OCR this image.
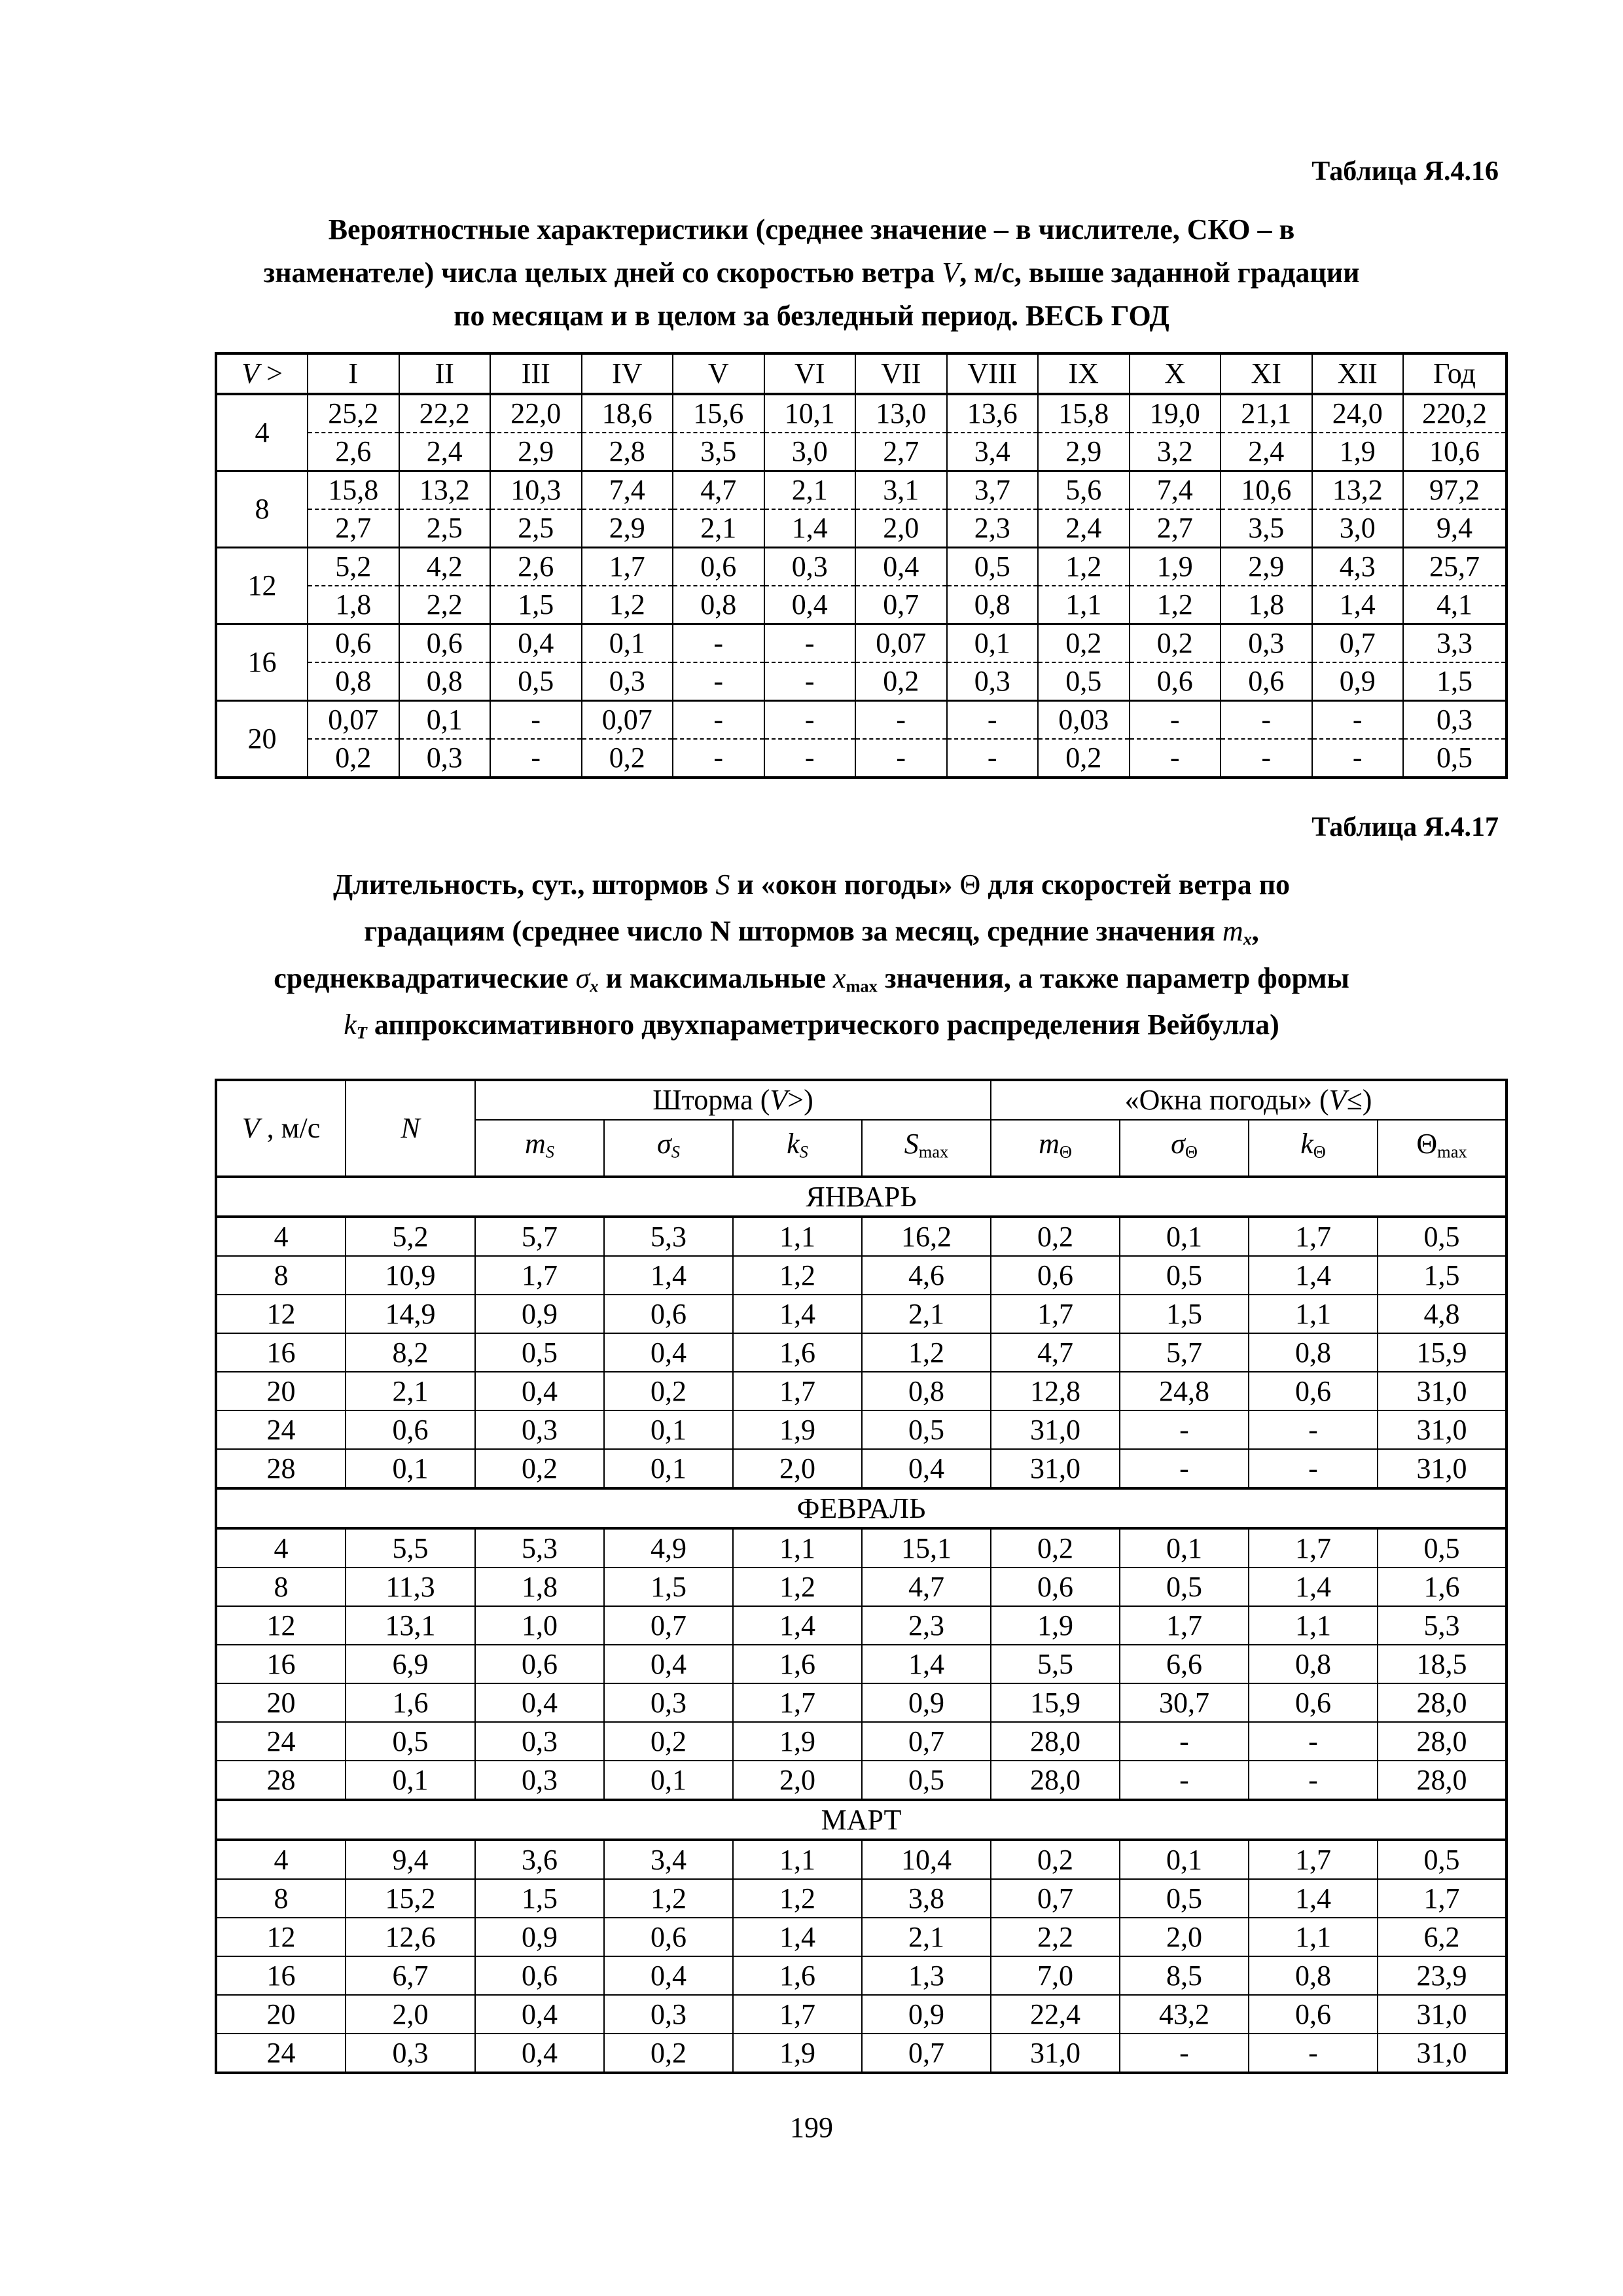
Таблица Я.4.16
Вероятностные характеристики (среднее значение – в числителе, СКО – в
знаменателе) числа целых дней со скоростью ветра V, м/с, выше заданной градации
по месяцам и в целом за безледный период. ВЕСЬ ГОД
V >	I	II	III	IV	V	VI	VII	VIII	IX	X	XI	XII	Год
4	25,2	22,2	22,0	18,6	15,6	10,1	13,0	13,6	15,8	19,0	21,1	24,0	220,2
	2,6	2,4	2,9	2,8	3,5	3,0	2,7	3,4	2,9	3,2	2,4	1,9	10,6
8	15,8	13,2	10,3	7,4	4,7	2,1	3,1	3,7	5,6	7,4	10,6	13,2	97,2
	2,7	2,5	2,5	2,9	2,1	1,4	2,0	2,3	2,4	2,7	3,5	3,0	9,4
12	5,2	4,2	2,6	1,7	0,6	0,3	0,4	0,5	1,2	1,9	2,9	4,3	25,7
	1,8	2,2	1,5	1,2	0,8	0,4	0,7	0,8	1,1	1,2	1,8	1,4	4,1
16	0,6	0,6	0,4	0,1	-	-	0,07	0,1	0,2	0,2	0,3	0,7	3,3
	0,8	0,8	0,5	0,3	-	-	0,2	0,3	0,5	0,6	0,6	0,9	1,5
20	0,07	0,1	-	0,07	-	-	-	-	0,03	-	-	-	0,3
	0,2	0,3	-	0,2	-	-	-	-	0,2	-	-	-	0,5
Таблица Я.4.17
Длительность, сут., штормов S и «окон погоды» Θ для скоростей ветра по
градациям (среднее число N штормов за месяц, средние значения $m_x$,
среднеквадратические $\sigma_x$ и максимальные xmax значения, а также параметр формы
$k_T$ аппроксимативного двухпараметрического распределения Вейбулла)
V , м/с	N	Шторма (V>)				«Окна погоды» (V≤)			
		$m_S$	$\sigma_S$	$k_S$	Smax	mΘ	σΘ	kΘ	Θmax
ЯНВАРЬ									
4	5,2	5,7	5,3	1,1	16,2	0,2	0,1	1,7	0,5
8	10,9	1,7	1,4	1,2	4,6	0,6	0,5	1,4	1,5
12	14,9	0,9	0,6	1,4	2,1	1,7	1,5	1,1	4,8
16	8,2	0,5	0,4	1,6	1,2	4,7	5,7	0,8	15,9
20	2,1	0,4	0,2	1,7	0,8	12,8	24,8	0,6	31,0
24	0,6	0,3	0,1	1,9	0,5	31,0	-	-	31,0
28	0,1	0,2	0,1	2,0	0,4	31,0	-	-	31,0
ФЕВРАЛЬ									
4	5,5	5,3	4,9	1,1	15,1	0,2	0,1	1,7	0,5
8	11,3	1,8	1,5	1,2	4,7	0,6	0,5	1,4	1,6
12	13,1	1,0	0,7	1,4	2,3	1,9	1,7	1,1	5,3
16	6,9	0,6	0,4	1,6	1,4	5,5	6,6	0,8	18,5
20	1,6	0,4	0,3	1,7	0,9	15,9	30,7	0,6	28,0
24	0,5	0,3	0,2	1,9	0,7	28,0	-	-	28,0
28	0,1	0,3	0,1	2,0	0,5	28,0	-	-	28,0
МАРТ									
4	9,4	3,6	3,4	1,1	10,4	0,2	0,1	1,7	0,5
8	15,2	1,5	1,2	1,2	3,8	0,7	0,5	1,4	1,7
12	12,6	0,9	0,6	1,4	2,1	2,2	2,0	1,1	6,2
16	6,7	0,6	0,4	1,6	1,3	7,0	8,5	0,8	23,9
20	2,0	0,4	0,3	1,7	0,9	22,4	43,2	0,6	31,0
24	0,3	0,4	0,2	1,9	0,7	31,0	-	-	31,0
199
